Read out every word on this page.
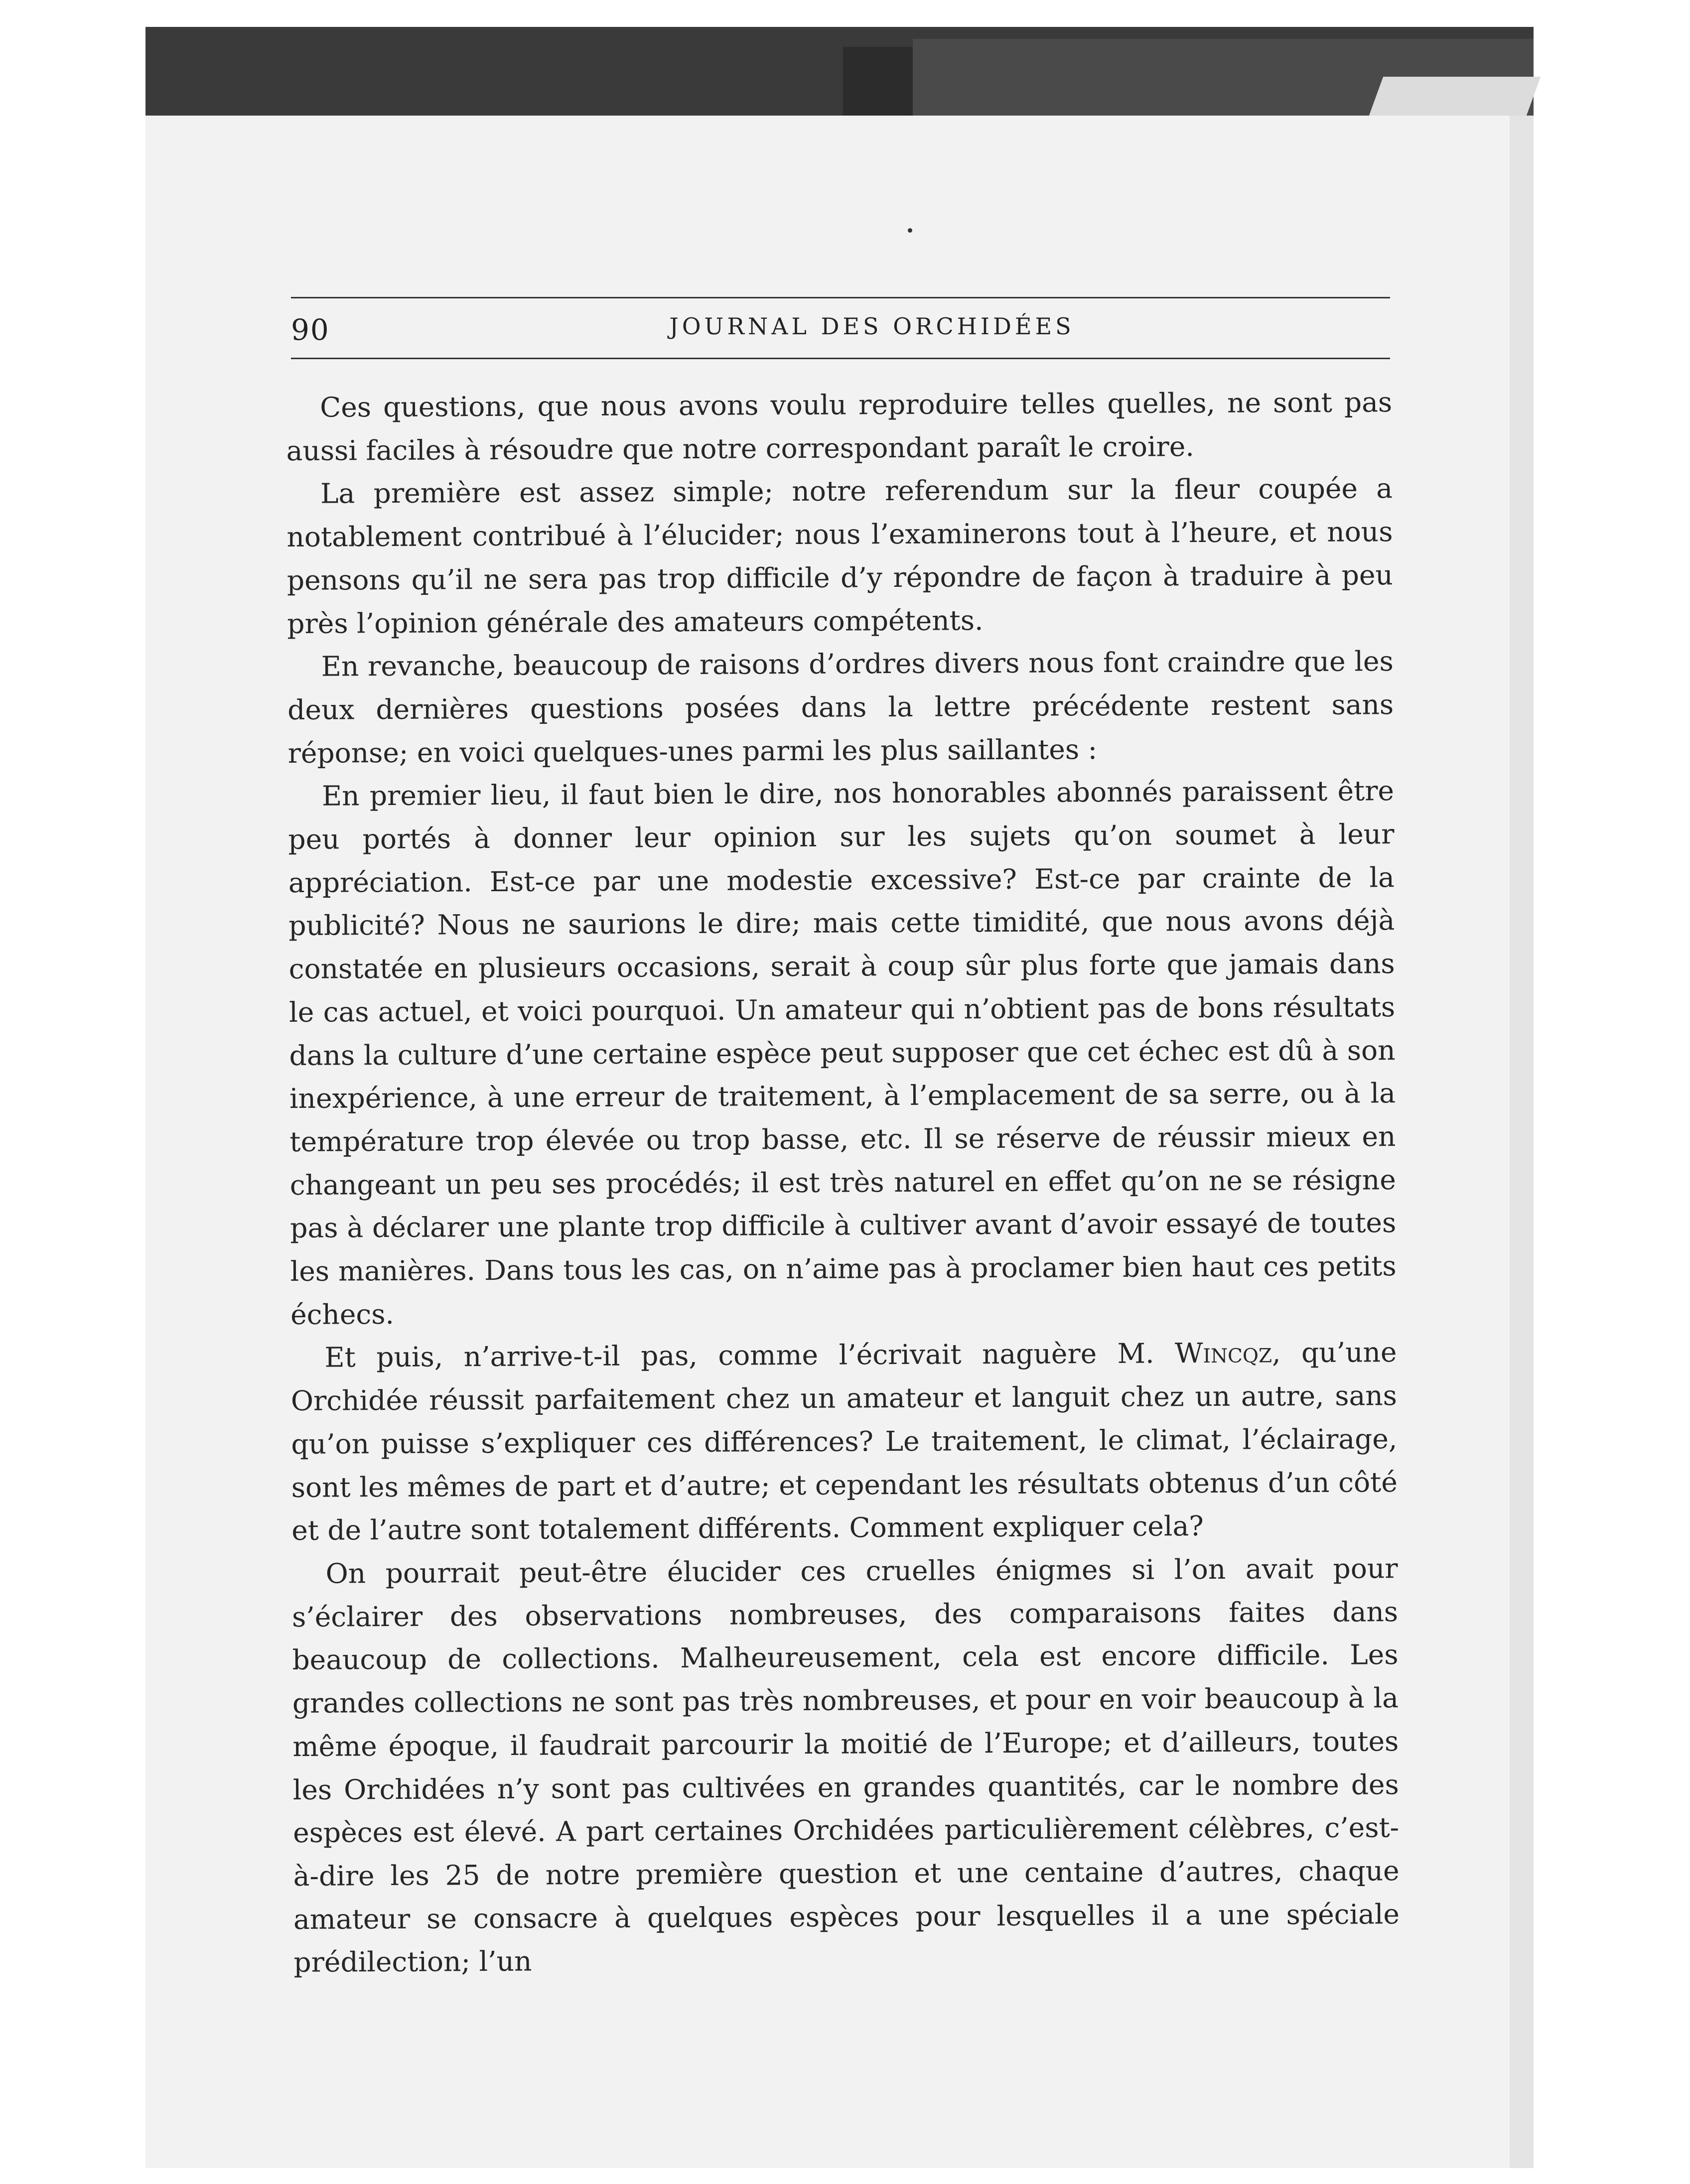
90	JOURNAL DES ORCHIDÉES

Ces questions, que nous avons voulu reproduire telles quelles, ne sont pas aussi faciles à résoudre que notre correspondant paraît le croire.

La première est assez simple; notre referendum sur la fleur coupée a notablement contribué à l’élucider; nous l’examinerons tout à l’heure, et nous pensons qu’il ne sera pas trop difficile d’y répondre de façon à traduire à peu près l’opinion générale des amateurs compétents.

En revanche, beaucoup de raisons d’ordres divers nous font craindre que les deux dernières questions posées dans la lettre précédente restent sans réponse; en voici quelques-unes parmi les plus saillantes :

En premier lieu, il faut bien le dire, nos honorables abonnés paraissent être peu portés à donner leur opinion sur les sujets qu’on soumet à leur appréciation. Est-ce par une modestie excessive? Est-ce par crainte de la publicité? Nous ne saurions le dire; mais cette timidité, que nous avons déjà constatée en plusieurs occasions, serait à coup sûr plus forte que jamais dans le cas actuel, et voici pourquoi. Un amateur qui n’obtient pas de bons résultats dans la culture d’une certaine espèce peut supposer que cet échec est dû à son inexpérience, à une erreur de traitement, à l’emplacement de sa serre, ou à la température trop élevée ou trop basse, etc. Il se réserve de réussir mieux en changeant un peu ses procédés; il est très naturel en effet qu’on ne se résigne pas à déclarer une plante trop difficile à cultiver avant d’avoir essayé de toutes les manières. Dans tous les cas, on n’aime pas à proclamer bien haut ces petits échecs.

Et puis, n’arrive-t-il pas, comme l’écrivait naguère M. Wincqz, qu’une Orchidée réussit parfaitement chez un amateur et languit chez un autre, sans qu’on puisse s’expliquer ces différences? Le traitement, le climat, l’éclairage, sont les mêmes de part et d’autre; et cependant les résultats obtenus d’un côté et de l’autre sont totalement différents. Comment expliquer cela?

On pourrait peut-être élucider ces cruelles énigmes si l’on avait pour s’éclairer des observations nombreuses, des comparaisons faites dans beaucoup de collections. Malheureusement, cela est encore difficile. Les grandes collections ne sont pas très nombreuses, et pour en voir beaucoup à la même époque, il faudrait parcourir la moitié de l’Europe; et d’ailleurs, toutes les Orchidées n’y sont pas cultivées en grandes quantités, car le nombre des espèces est élevé. A part certaines Orchidées particulièrement célèbres, c’est-à-dire les 25 de notre première question et une centaine d’autres, chaque amateur se consacre à quelques espèces pour lesquelles il a une spéciale prédilection; l’un
